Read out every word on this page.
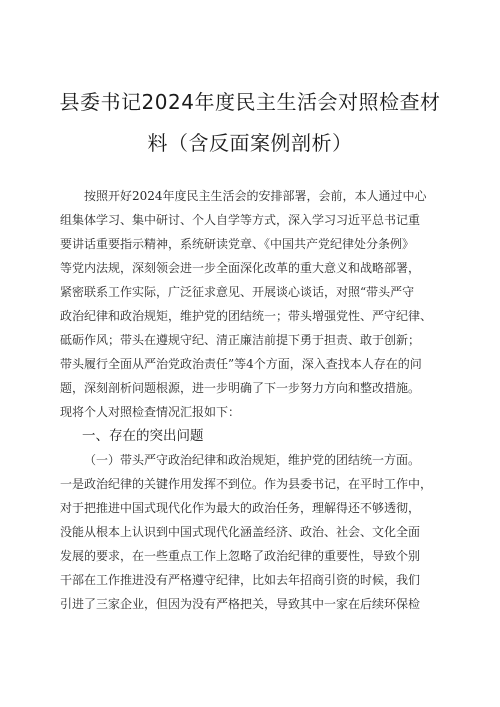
县委书记2024年度民主生活会对照检查材
料（含反面案例剖析）
按照开好2024年度民主生活会的安排部署，会前，本人通过中心
组集体学习、集中研讨、个人自学等方式，深入学习习近平总书记重
要讲话重要指示精神，系统研读党章、《中国共产党纪律处分条例》
等党内法规，深刻领会进一步全面深化改革的重大意义和战略部署，
紧密联系工作实际，广泛征求意见、开展谈心谈话，对照“带头严守
政治纪律和政治规矩，维护党的团结统一；带头增强党性、严守纪律、
砥砺作风；带头在遵规守纪、清正廉洁前提下勇于担责、敢于创新；
带头履行全面从严治党政治责任”等4个方面，深入查找本人存在的问
题，深刻剖析问题根源，进一步明确了下一步努力方向和整改措施。
现将个人对照检查情况汇报如下：
一、存在的突出问题
（一）带头严守政治纪律和政治规矩，维护党的团结统一方面。
一是政治纪律的关键作用发挥不到位。作为县委书记，在平时工作中，
对于把推进中国式现代化作为最大的政治任务，理解得还不够透彻，
没能从根本上认识到中国式现代化涵盖经济、政治、社会、文化全面
发展的要求，在一些重点工作上忽略了政治纪律的重要性，导致个别
干部在工作推进没有严格遵守纪律，比如去年招商引资的时候，我们
引进了三家企业，但因为没有严格把关，导致其中一家在后续环保检
